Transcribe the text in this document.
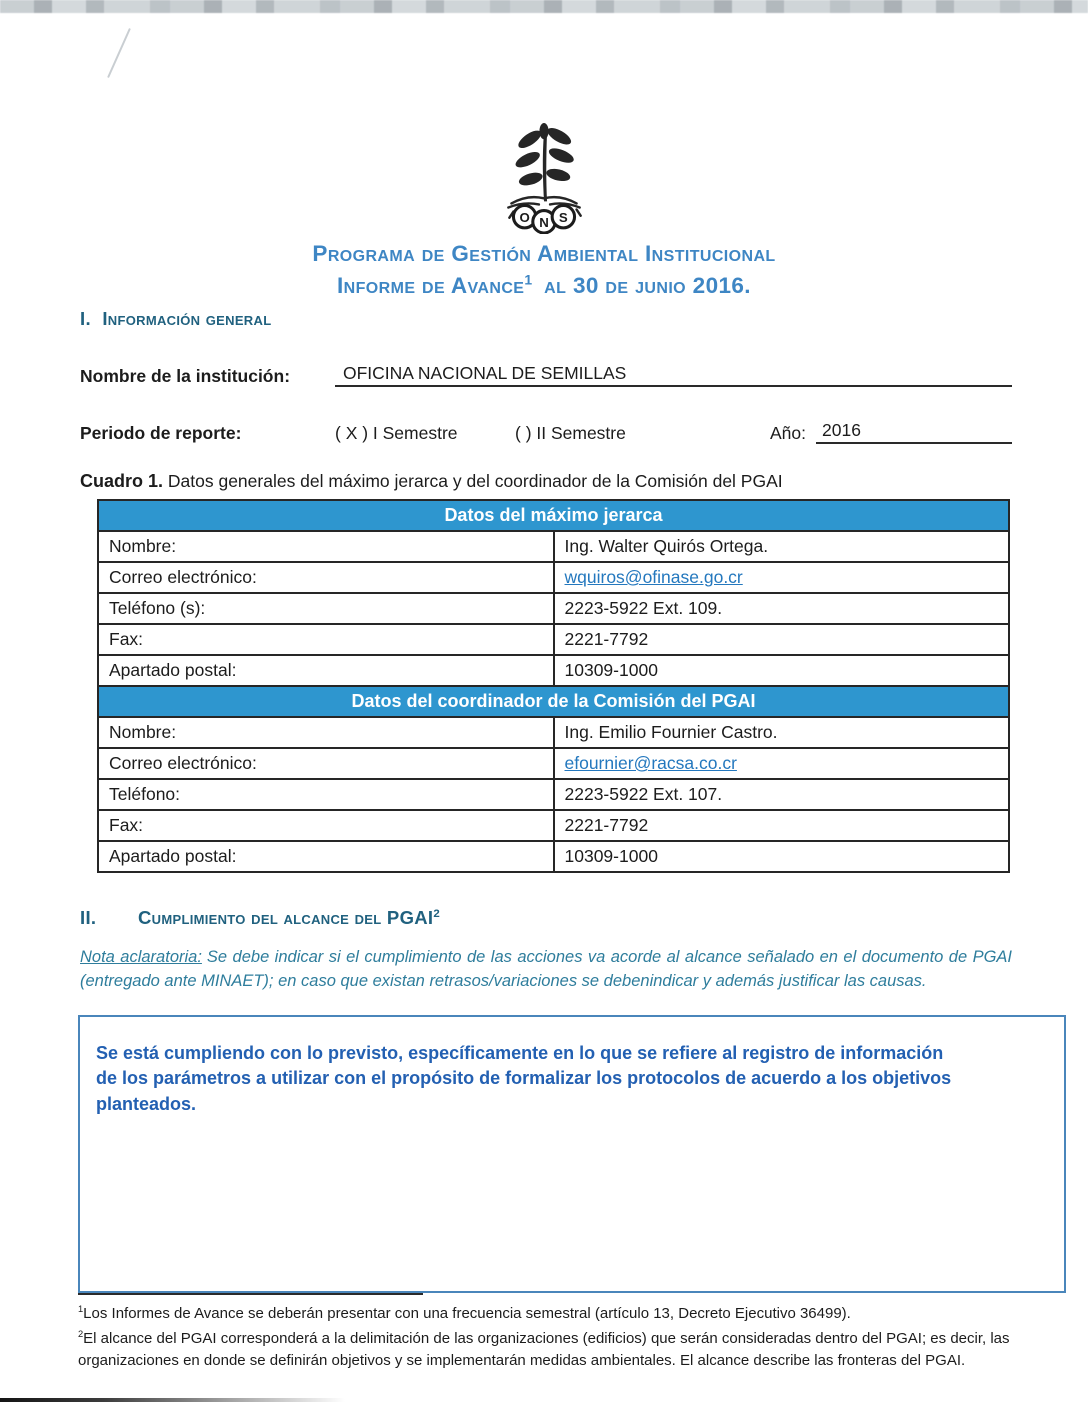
O N S
Programa de Gestión Ambiental Institucional
Informe de Avance$^1$ al 30 de junio 2016.
I. Información general
Nombre de la institución:	OFICINA NACIONAL DE SEMILLAS
Periodo de reporte:	( X ) I Semestre	( ) II Semestre	Año: 2016
Cuadro 1. Datos generales del máximo jerarca y del coordinador de la Comisión del PGAI
Datos del máximo jerarca	
Nombre:	Ing. Walter Quirós Ortega.
Correo electrónico:	wquiros@ofinase.go.cr
Teléfono (s):	2223-5922 Ext. 109.
Fax:	2221-7792
Apartado postal:	10309-1000
Datos del coordinador de la Comisión del PGAI	
Nombre:	Ing. Emilio Fournier Castro.
Correo electrónico:	efournier@racsa.co.cr
Teléfono:	2223-5922 Ext. 107.
Fax:	2221-7792
Apartado postal:	10309-1000
II. Cumplimiento del alcance del PGAI$^2$
Nota aclaratoria: Se debe indicar si el cumplimiento de las acciones va acorde al alcance señalado en el documento de PGAI (entregado ante MINAET); en caso que existan retrasos/variaciones se debenindicar y además justificar las causas.
Se está cumpliendo con lo previsto, específicamente en lo que se refiere al registro de información de los parámetros a utilizar con el propósito de formalizar los protocolos de acuerdo a los objetivos planteados.

$^1$Los Informes de Avance se deberán presentar con una frecuencia semestral (artículo 13, Decreto Ejecutivo 36499).

$^2$El alcance del PGAI corresponderá a la delimitación de las organizaciones (edificios) que serán consideradas dentro del PGAI; es decir, las organizaciones en donde se definirán objetivos y se implementarán medidas ambientales. El alcance describe las fronteras del PGAI.
